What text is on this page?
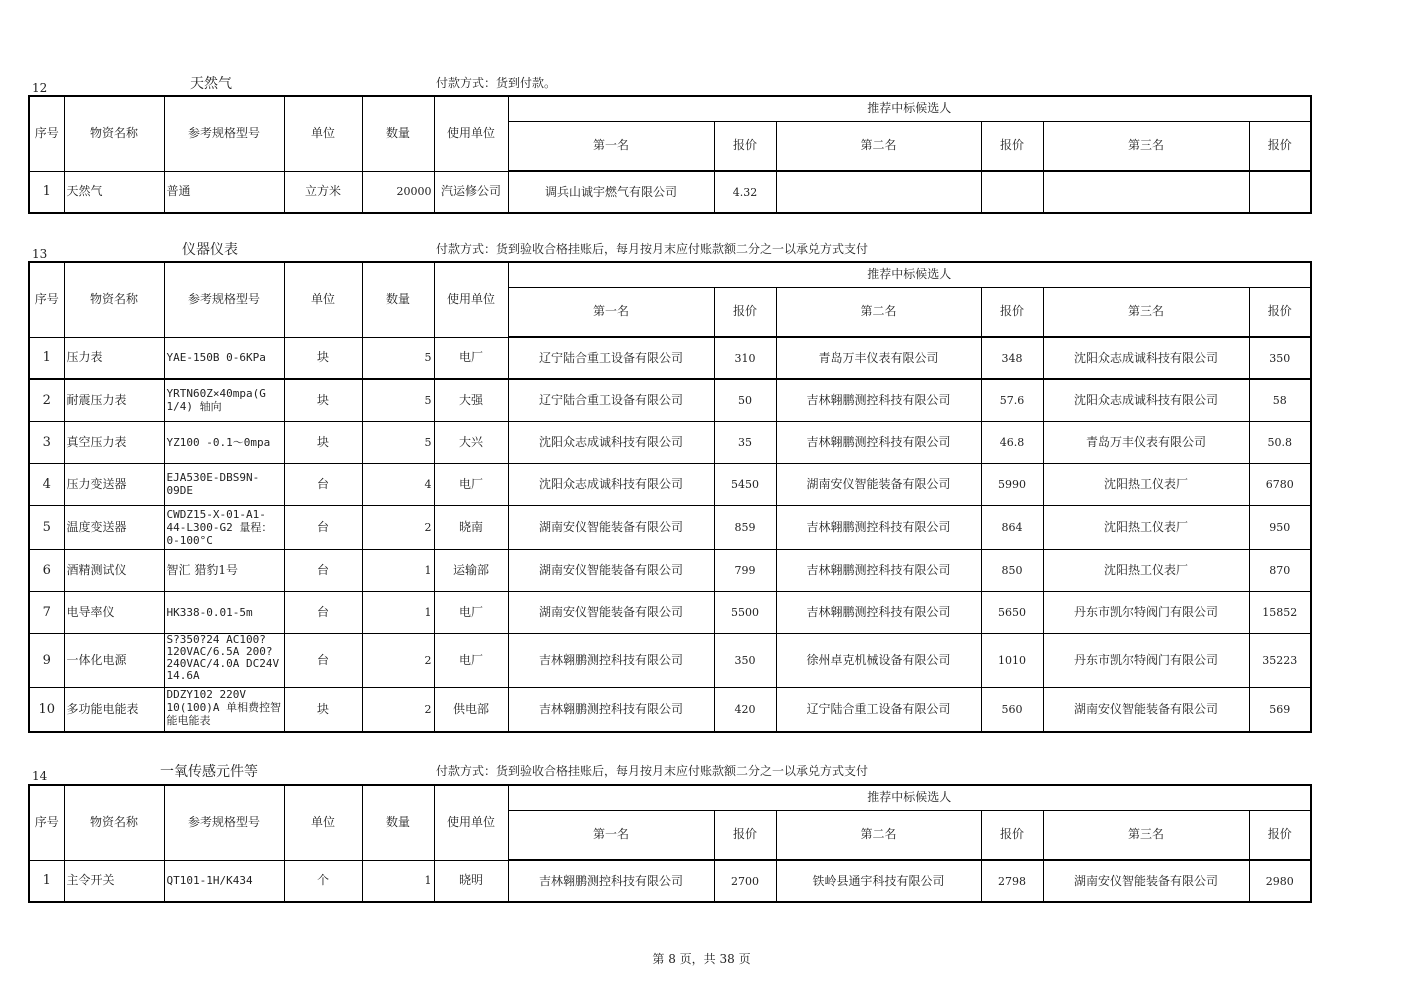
12	天然气	付款方式：货到付款。
序号	物资名称	参考规格型号	单位	数量	使用单位	推荐中标候选人					
						第一名	报价	第二名	报价	第三名	报价
1	天然气	普通	立方米	20000	汽运修公司	调兵山诚宇燃气有限公司	4.32				
13	仪器仪表	付款方式：货到验收合格挂账后，每月按月末应付账款额二分之一以承兑方式支付
序号	物资名称	参考规格型号	单位	数量	使用单位	推荐中标候选人					
						第一名	报价	第二名	报价	第三名	报价
1	压力表	YAE-150B 0-6KPa	块	5	电厂	辽宁陆合重工设备有限公司	310	青岛万丰仪表有限公司	348	沈阳众志成诚科技有限公司	350
2	耐震压力表	YRTN60Z×40mpa(G 1/4) 轴向	块	5	大强	辽宁陆合重工设备有限公司	50	吉林翱鹏测控科技有限公司	57.6	沈阳众志成诚科技有限公司	58
3	真空压力表	YZ100 -0.1～0mpa	块	5	大兴	沈阳众志成诚科技有限公司	35	吉林翱鹏测控科技有限公司	46.8	青岛万丰仪表有限公司	50.8
4	压力变送器	EJA530E-DBS9N-09DE	台	4	电厂	沈阳众志成诚科技有限公司	5450	湖南安仪智能装备有限公司	5990	沈阳热工仪表厂	6780
5	温度变送器	CWDZ15-X-01-A1-44-L300-G2 量程：0-100°C	台	2	晓南	湖南安仪智能装备有限公司	859	吉林翱鹏测控科技有限公司	864	沈阳热工仪表厂	950
6	酒精测试仪	智汇 猎豹1号	台	1	运输部	湖南安仪智能装备有限公司	799	吉林翱鹏测控科技有限公司	850	沈阳热工仪表厂	870
7	电导率仪	HK338-0.01-5m	台	1	电厂	湖南安仪智能装备有限公司	5500	吉林翱鹏测控科技有限公司	5650	丹东市凯尔特阀门有限公司	15852
9	一体化电源	S?350?24 AC100?120VAC/6.5A 200?240VAC/4.0A DC24V 14.6A	台	2	电厂	吉林翱鹏测控科技有限公司	350	徐州卓克机械设备有限公司	1010	丹东市凯尔特阀门有限公司	35223
10	多功能电能表	DDZY102 220V 10(100)A 单相费控智能电能表	块	2	供电部	吉林翱鹏测控科技有限公司	420	辽宁陆合重工设备有限公司	560	湖南安仪智能装备有限公司	569
14	一氧传感元件等	付款方式：货到验收合格挂账后，每月按月末应付账款额二分之一以承兑方式支付
序号	物资名称	参考规格型号	单位	数量	使用单位	推荐中标候选人					
						第一名	报价	第二名	报价	第三名	报价
1	主令开关	QT101-1H/K434	个	1	晓明	吉林翱鹏测控科技有限公司	2700	铁岭县通宇科技有限公司	2798	湖南安仪智能装备有限公司	2980
第 8 页，共 38 页
